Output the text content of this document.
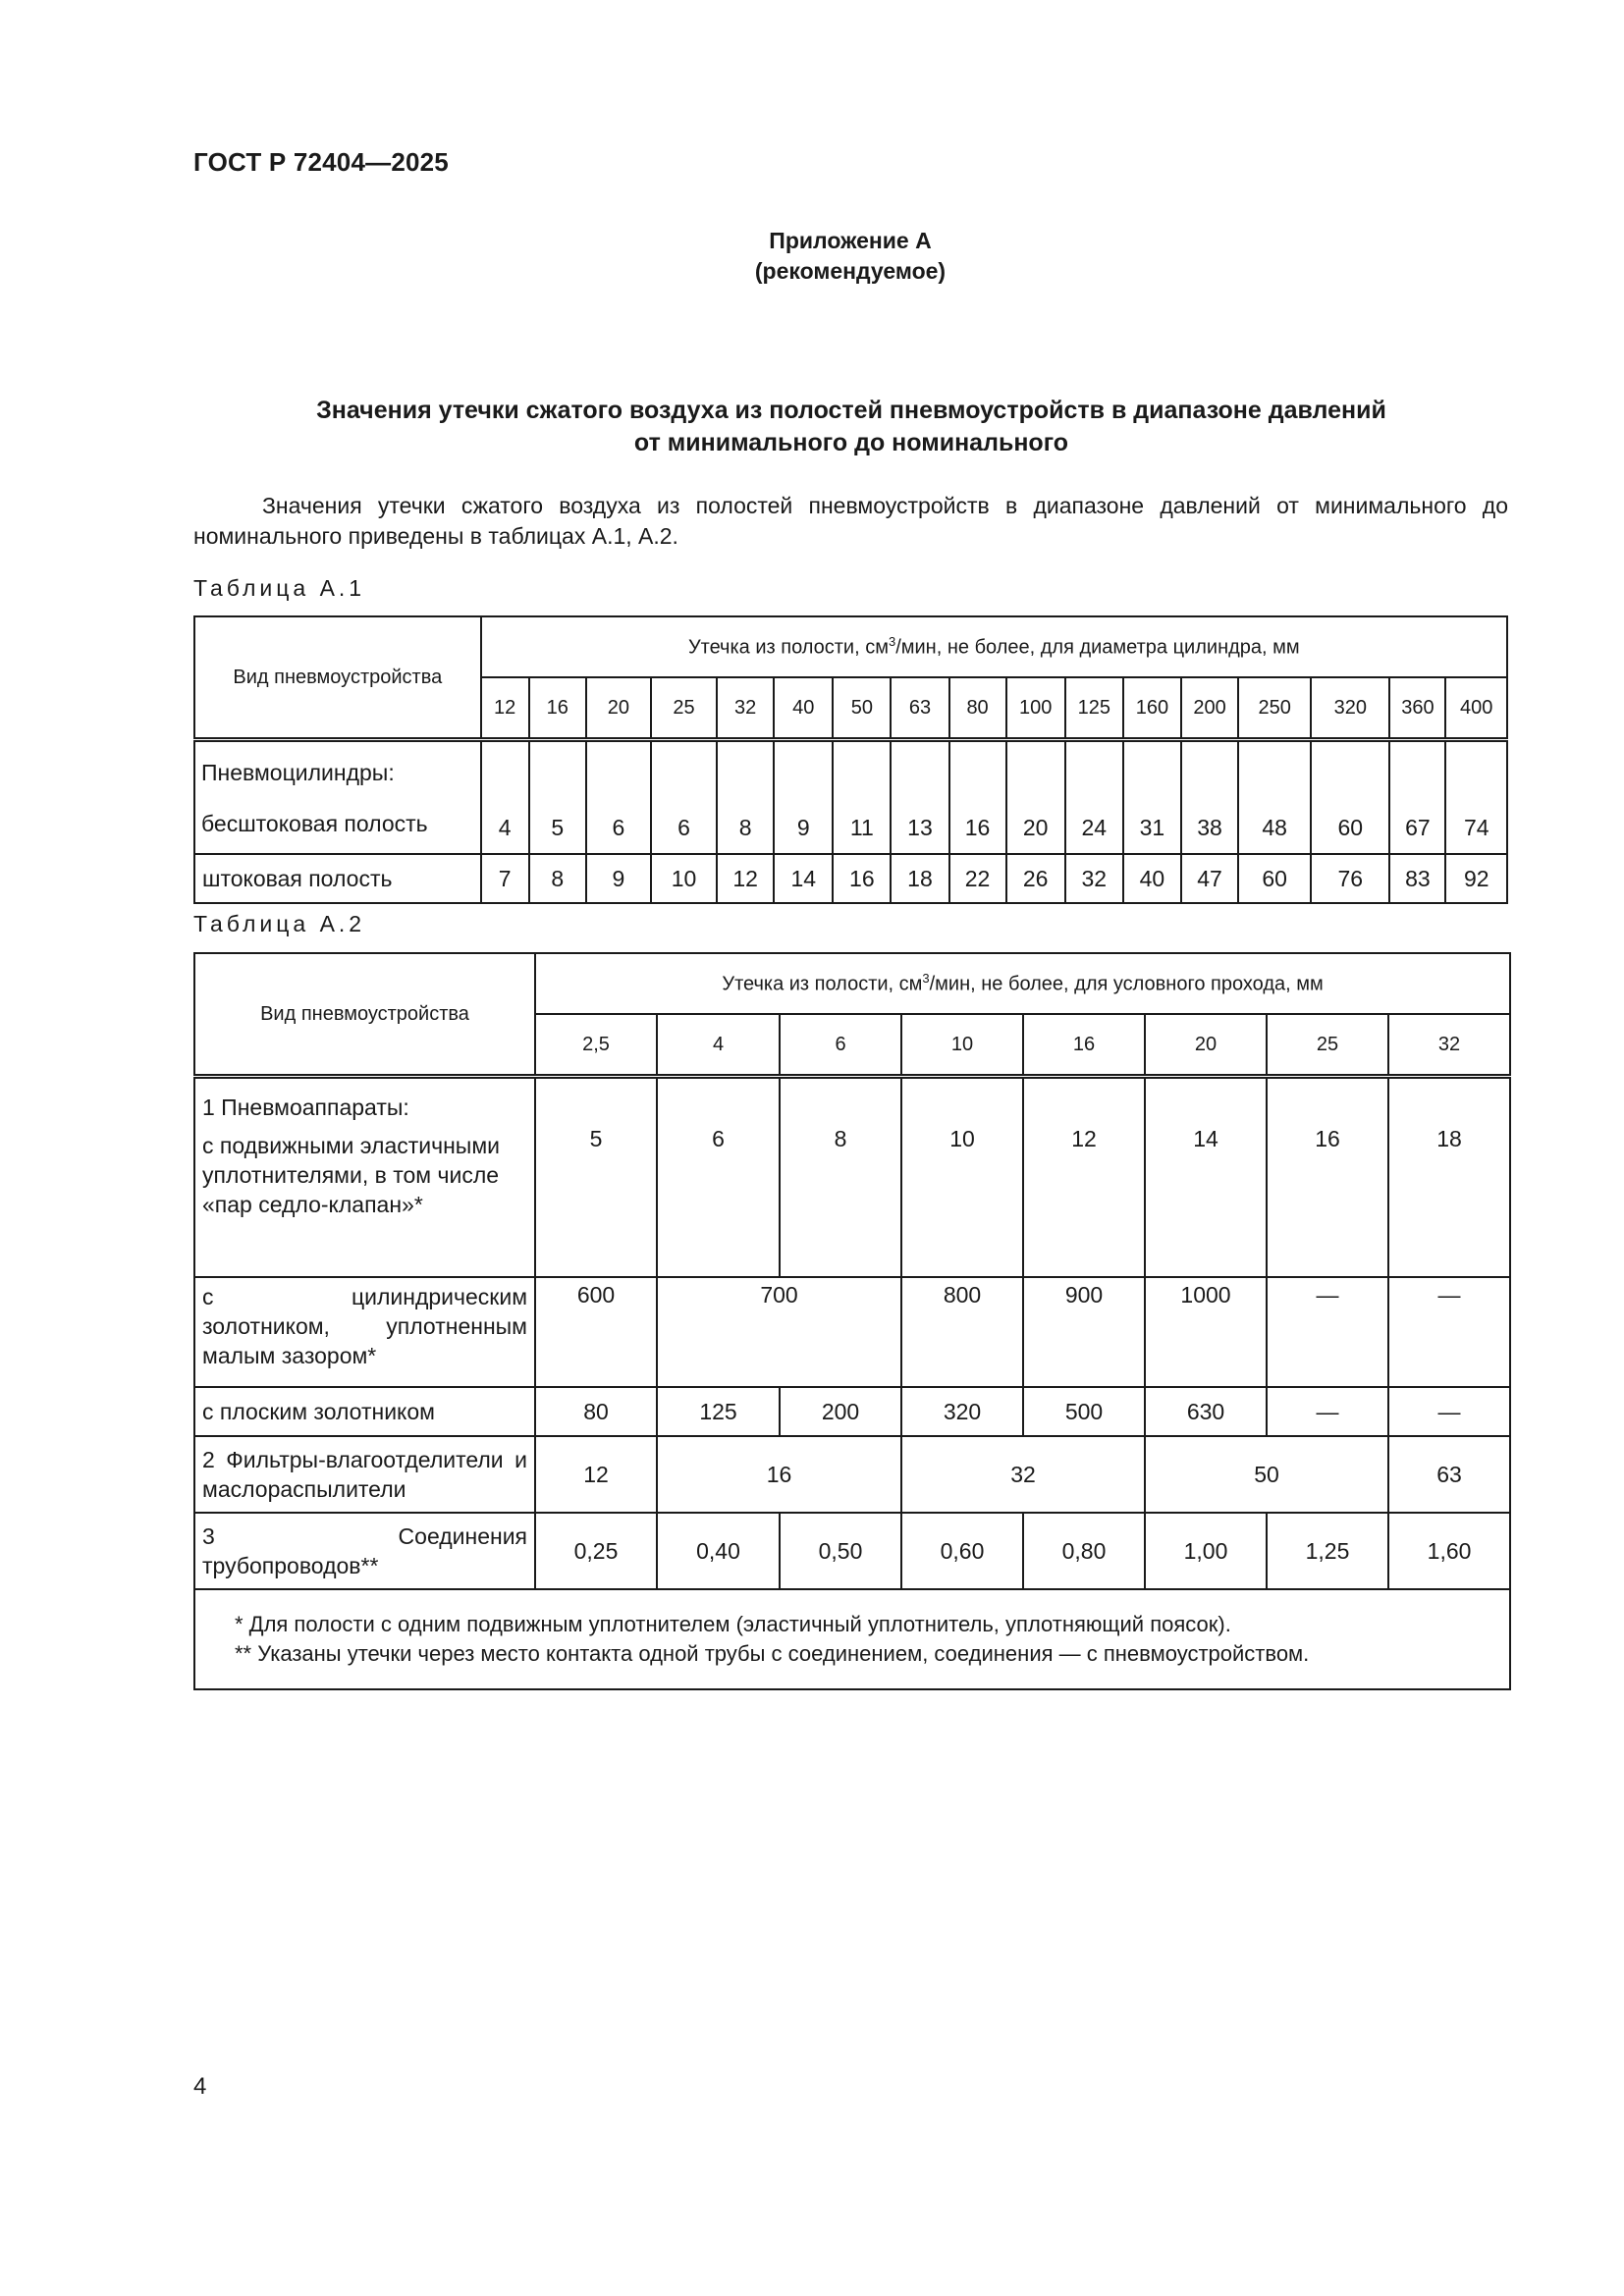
ГОСТ Р 72404—2025
Приложение А
(рекомендуемое)
Значения утечки сжатого воздуха из полостей пневмоустройств в диапазоне давлений
от минимального до номинального
Значения утечки сжатого воздуха из полостей пневмоустройств в диапазоне давлений от минимального до номинального приведены в таблицах А.1, А.2.
Таблица А.1
Вид пневмоустройства	Утечка из полости, $см^3$/мин, не более, для диаметра цилиндра, мм																
	12	16	20	25	32	40	50	63	80	100	125	160	200	250	320	360	400

Пневмоцилиндры:
бесштоковая полость	4	5	6	6	8	9	11	13	16	20	24	31	38	48	60	67	74
штоковая полость	7	8	9	10	12	14	16	18	22	26	32	40	47	60	76	83	92
Таблица А.2
Вид пневмоустройства	Утечка из полости, $см^3$/мин, не более, для условного прохода, мм							
	2,5	4	6	10	16	20	25	32

1 Пневмоаппараты:
с подвижными эластичными
уплотнителями, в том числе
«пар седло-клапан»*	5	6	8	10	12	14	16	18
с цилиндрическим золотником, уплотненным малым зазором*	600	700		800	900	1000	—	—
с плоским золотником	80	125	200	320	500	630	—	—
2 Фильтры-влагоотделители и маслораспылители	12	16		32		50		63
3 Соединения трубопроводов**	0,25	0,40	0,50	0,60	0,80	1,00	1,25	1,60

* Для полости с одним подвижным уплотнителем (эластичный уплотнитель, уплотняющий поясок).
** Указаны утечки через место контакта одной трубы с соединением, соединения — с пневмоустройством.								
4
